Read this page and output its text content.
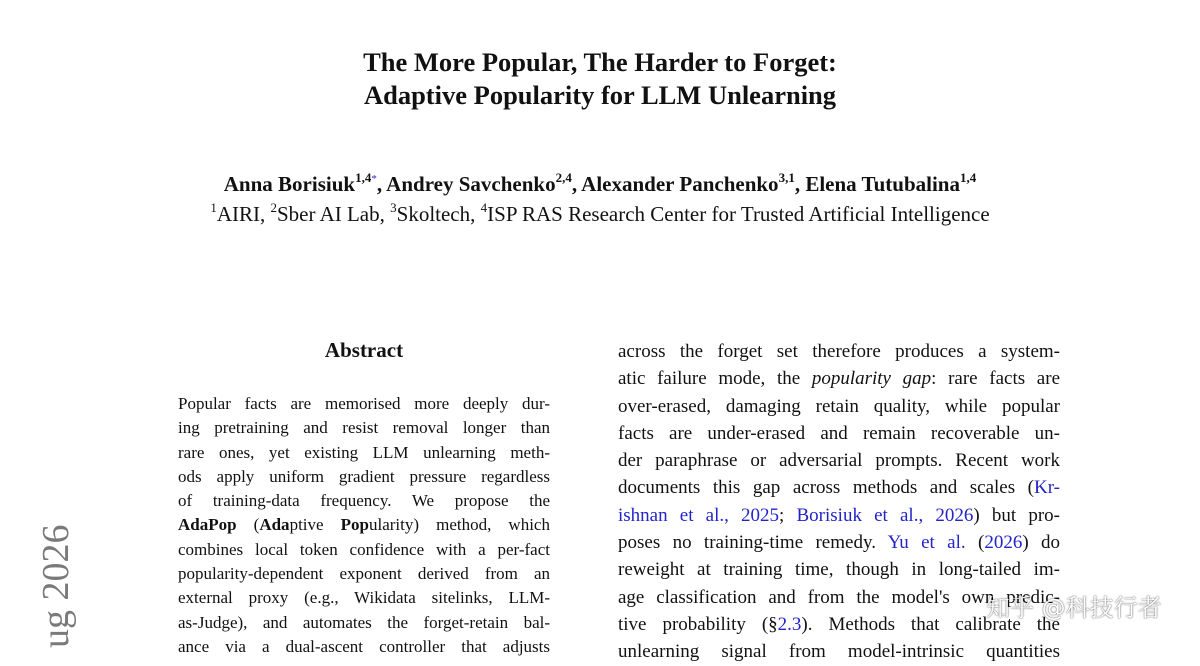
The More Popular, The Harder to Forget:
Adaptive Popularity for LLM Unlearning
Anna Borisiuk$^{1,4*}$, Andrey Savchenko$^{2,4}$, Alexander Panchenko$^{3,1}$, Elena Tutubalina$^{1,4}$
$^1$AIRI, $^2$Sber AI Lab, $^3$Skoltech, $^4$ISP RAS Research Center for Trusted Artificial Intelligence
Abstract
Popular facts are memorised more deeply dur-
ing pretraining and resist removal longer than
rare ones, yet existing LLM unlearning meth-
ods apply uniform gradient pressure regardless
of training-data frequency. We propose the
AdaPop (Adaptive Popularity) method, which
combines local token confidence with a per-fact
popularity-dependent exponent derived from an
external proxy (e.g., Wikidata sitelinks, LLM-
as-Judge), and automates the forget-retain bal-
ance via a dual-ascent controller that adjusts
across the forget set therefore produces a system-
atic failure mode, the popularity gap: rare facts are
over-erased, damaging retain quality, while popular
facts are under-erased and remain recoverable un-
der paraphrase or adversarial prompts. Recent work
documents this gap across methods and scales (Kr-
ishnan et al., 2025; Borisiuk et al., 2026) but pro-
poses no training-time remedy. Yu et al. (2026) do
reweight at training time, though in long-tailed im-
age classification and from the model's own predic-
tive probability (§2.3). Methods that calibrate the
unlearning signal from model-intrinsic quantities
ug 2026	知乎 @科技行者
